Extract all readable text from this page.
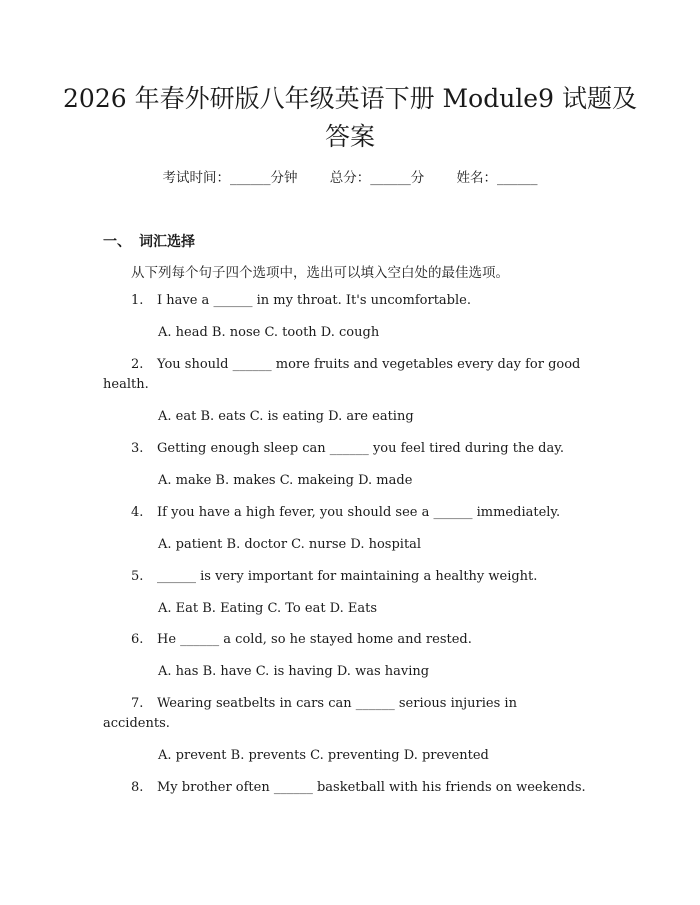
2026 年春外研版八年级英语下册 Module9 试题及答案
考试时间：______分钟 总分：______分 姓名：______
一、 词汇选择
从下列每个句子四个选项中，选出可以填入空白处的最佳选项。
1. I have a ______ in my throat. It's uncomfortable.
A. head B. nose C. tooth D. cough
2. You should ______ more fruits and vegetables every day for good
health.
A. eat B. eats C. is eating D. are eating
3. Getting enough sleep can ______ you feel tired during the day.
A. make B. makes C. makeing D. made
4. If you have a high fever, you should see a ______ immediately.
A. patient B. doctor C. nurse D. hospital
5. ______ is very important for maintaining a healthy weight.
A. Eat B. Eating C. To eat D. Eats
6. He ______ a cold, so he stayed home and rested.
A. has B. have C. is having D. was having
7. Wearing seatbelts in cars can ______ serious injuries in
accidents.
A. prevent B. prevents C. preventing D. prevented
8. My brother often ______ basketball with his friends on weekends.
